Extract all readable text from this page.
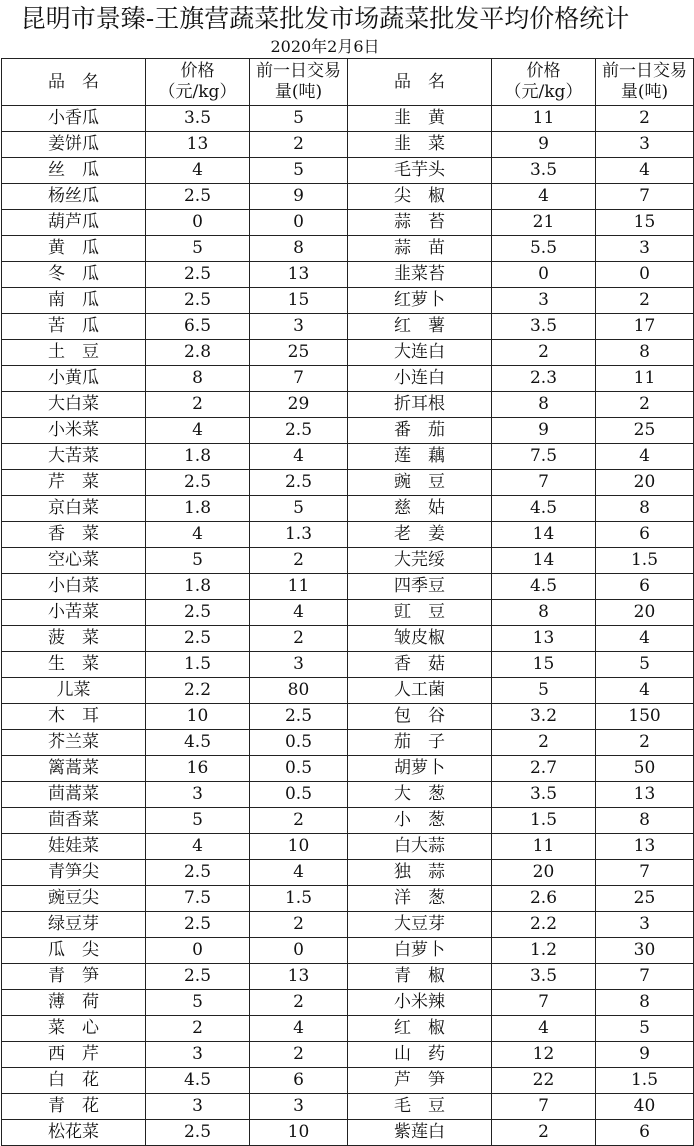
昆明市景臻-王旗营蔬菜批发市场蔬菜批发平均价格统计
2020年2月6日
品　名	价格（元/kg）	前一日交易量(吨)	品　名	价格（元/kg）	前一日交易量(吨)
小香瓜	3.5	5	韭　黄	11	2
姜饼瓜	13	2	韭　菜	9	3
丝　瓜	4	5	毛芋头	3.5	4
杨丝瓜	2.5	9	尖　椒	4	7
葫芦瓜	0	0	蒜　苔	21	15
黄　瓜	5	8	蒜　苗	5.5	3
冬　瓜	2.5	13	韭菜苔	0	0
南　瓜	2.5	15	红萝卜	3	2
苦　瓜	6.5	3	红　薯	3.5	17
土　豆	2.8	25	大连白	2	8
小黄瓜	8	7	小连白	2.3	11
大白菜	2	29	折耳根	8	2
小米菜	4	2.5	番　茄	9	25
大苦菜	1.8	4	莲　藕	7.5	4
芹　菜	2.5	2.5	豌　豆	7	20
京白菜	1.8	5	慈　姑	4.5	8
香　菜	4	1.3	老　姜	14	6
空心菜	5	2	大芫绥	14	1.5
小白菜	1.8	11	四季豆	4.5	6
小苦菜	2.5	4	豇　豆	8	20
菠　菜	2.5	2	皱皮椒	13	4
生　菜	1.5	3	香　菇	15	5
儿菜	2.2	80	人工菌	5	4
木　耳	10	2.5	包　谷	3.2	150
芥兰菜	4.5	0.5	茄　子	2	2
篱蒿菜	16	0.5	胡萝卜	2.7	50
茴蒿菜	3	0.5	大　葱	3.5	13
茴香菜	5	2	小　葱	1.5	8
娃娃菜	4	10	白大蒜	11	13
青笋尖	2.5	4	独　蒜	20	7
豌豆尖	7.5	1.5	洋　葱	2.6	25
绿豆芽	2.5	2	大豆芽	2.2	3
瓜　尖	0	0	白萝卜	1.2	30
青　笋	2.5	13	青　椒	3.5	7
薄　荷	5	2	小米辣	7	8
菜　心	2	4	红　椒	4	5
西　芹	3	2	山　药	12	9
白　花	4.5	6	芦　笋	22	1.5
青　花	3	3	毛　豆	7	40
松花菜	2.5	10	紫莲白	2	6
